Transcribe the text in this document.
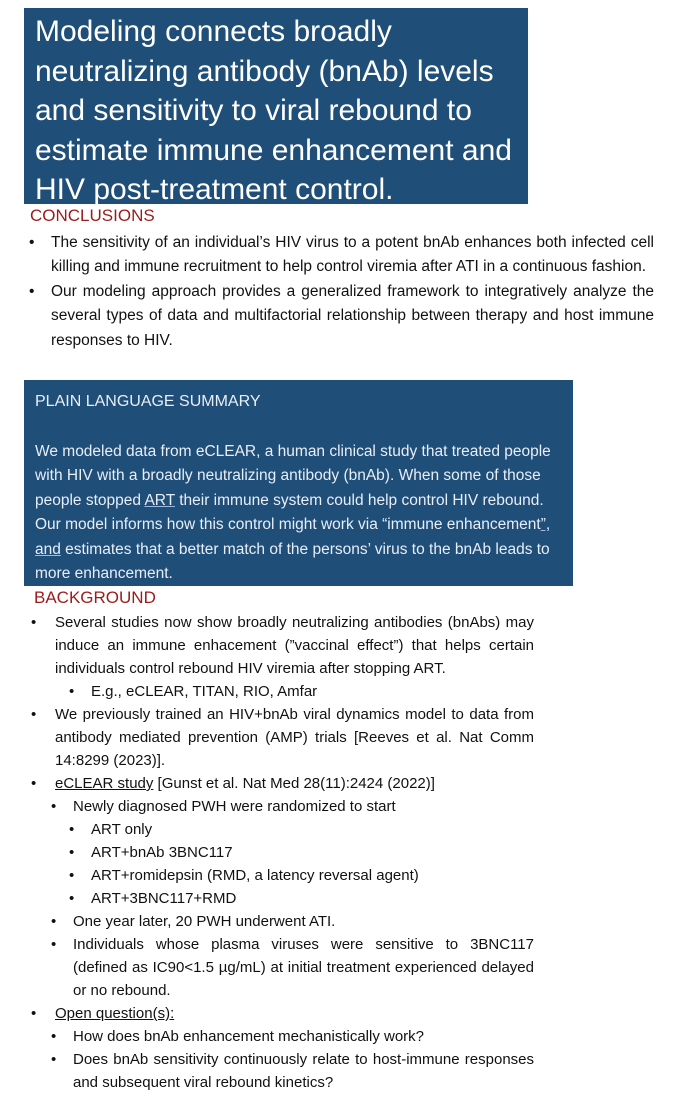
Modeling connects broadly neutralizing antibody (bnAb) levels and sensitivity to viral rebound to estimate immune enhancement and HIV post-treatment control.
CONCLUSIONS
• The sensitivity of an individual’s HIV virus to a potent bnAb enhances both infected cell killing and immune recruitment to help control viremia after ATI in a continuous fashion.
• Our modeling approach provides a generalized framework to integratively analyze the several types of data and multifactorial relationship between therapy and host immune responses to HIV.
PLAIN LANGUAGE SUMMARY
We modeled data from eCLEAR, a human clinical study that treated people with HIV with a broadly neutralizing antibody (bnAb). When some of those people stopped ART their immune system could help control HIV rebound. Our model informs how this control might work via “immune enhancement”, and estimates that a better match of the persons’ virus to the bnAb leads to more enhancement.
BACKGROUND
• Several studies now show broadly neutralizing antibodies (bnAbs) may induce an immune enhacement (”vaccinal effect”) that helps certain individuals control rebound HIV viremia after stopping ART.
• E.g., eCLEAR, TITAN, RIO, Amfar
• We previously trained an HIV+bnAb viral dynamics model to data from antibody mediated prevention (AMP) trials [Reeves et al. Nat Comm 14:8299 (2023)].
• eCLEAR study [Gunst et al. Nat Med 28(11):2424 (2022)]
• Newly diagnosed PWH were randomized to start
• ART only
• ART+bnAb 3BNC117
• ART+romidepsin (RMD, a latency reversal agent)
• ART+3BNC117+RMD
• One year later, 20 PWH underwent ATI.
• Individuals whose plasma viruses were sensitive to 3BNC117 (defined as IC90<1.5 µg/mL) at initial treatment experienced delayed or no rebound.
• Open question(s):
• How does bnAb enhancement mechanistically work?
• Does bnAb sensitivity continuously relate to host-immune responses and subsequent viral rebound kinetics?
